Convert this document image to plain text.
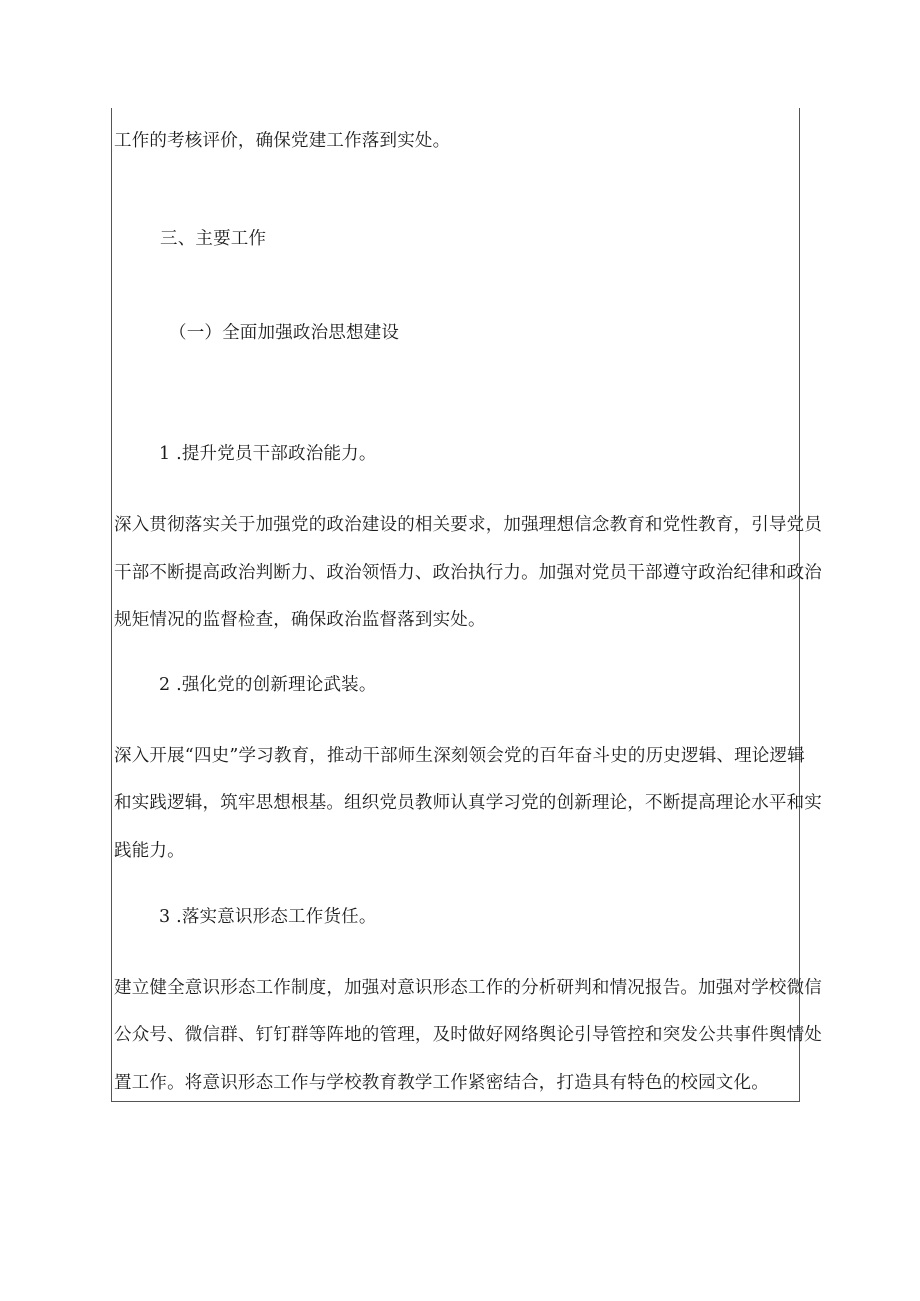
工作的考核评价，确保党建工作落到实处。
三、主要工作
（一）全面加强政治思想建设
1 .提升党员干部政治能力。
深入贯彻落实关于加强党的政治建设的相关要求，加强理想信念教育和党性教育，引导党员
干部不断提高政治判断力、政治领悟力、政治执行力。加强对党员干部遵守政治纪律和政治
规矩情况的监督检查，确保政治监督落到实处。
2 .强化党的创新理论武装。
深入开展“四史”学习教育，推动干部师生深刻领会党的百年奋斗史的历史逻辑、理论逻辑
和实践逻辑，筑牢思想根基。组织党员教师认真学习党的创新理论，不断提高理论水平和实
践能力。
3 .落实意识形态工作货任。
建立健全意识形态工作制度，加强对意识形态工作的分析研判和情况报告。加强对学校微信
公众号、微信群、钉钉群等阵地的管理，及时做好网络舆论引导管控和突发公共事件舆情处
置工作。将意识形态工作与学校教育教学工作紧密结合，打造具有特色的校园文化。
